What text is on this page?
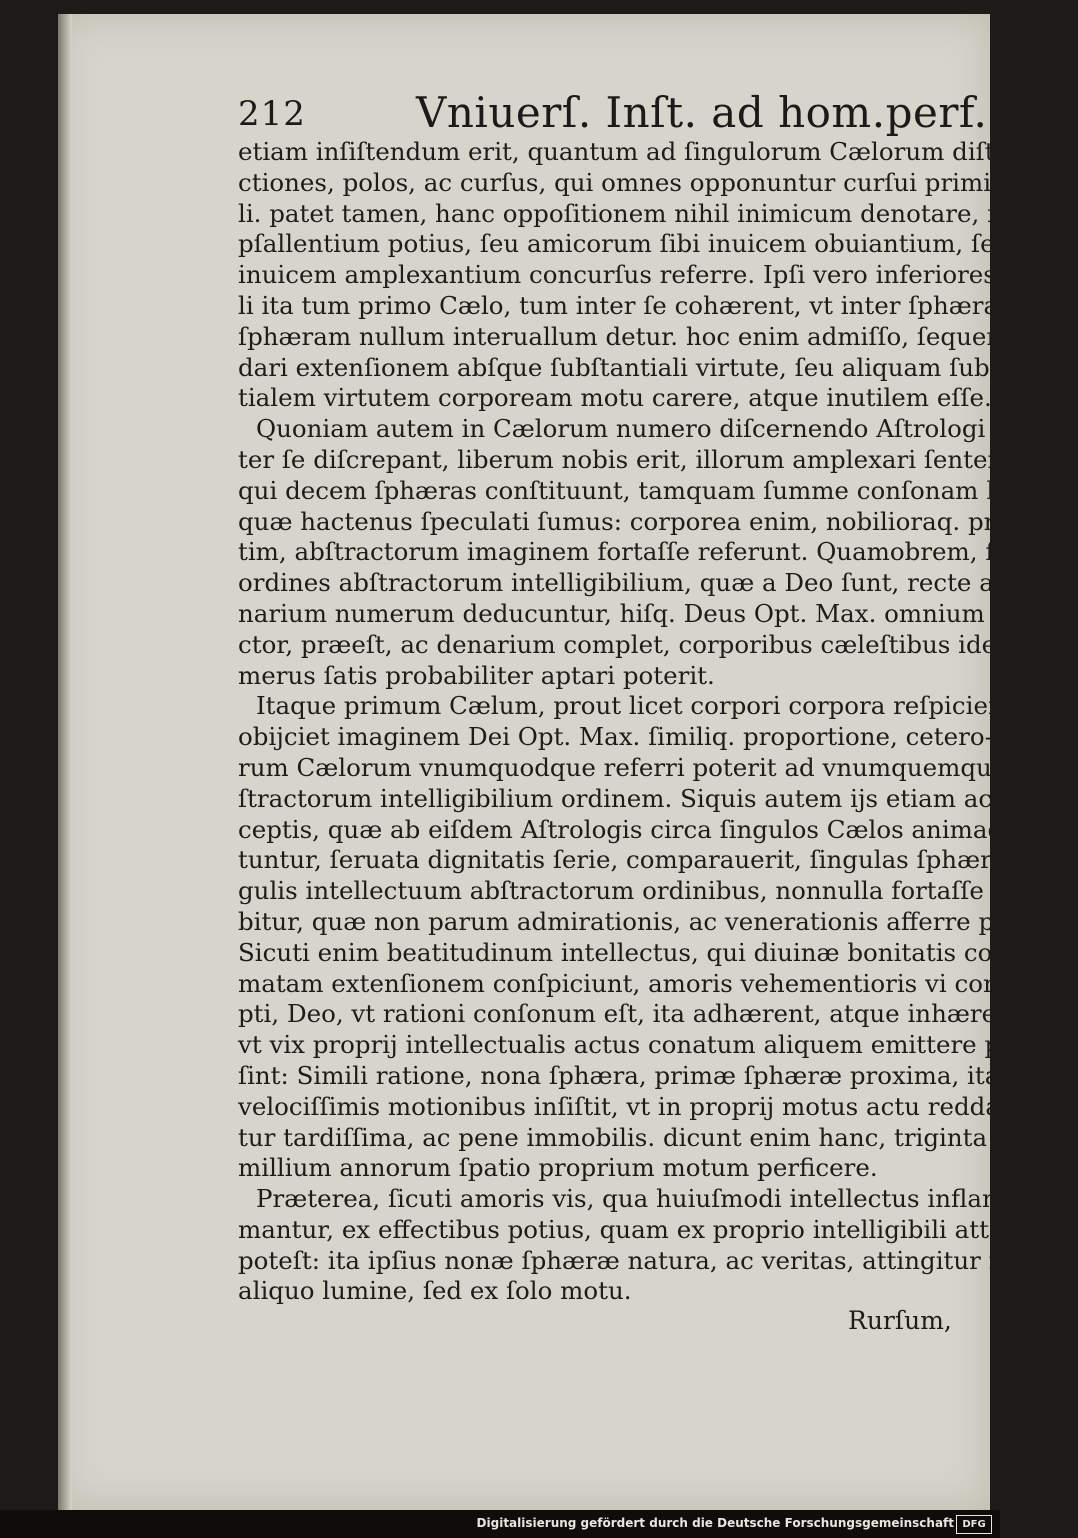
212	Vniuerſ. Inſt. ad hom.perf.
etiam inſiſtendum erit, quantum ad ſingulorum Cælorum diſtin-
ctiones, polos, ac curſus, qui omnes opponuntur curſui primi Cæ-
li. patet tamen, hanc oppoſitionem nihil inimicum denotare, ſed
pſallentium potius, ſeu amicorum ſibi inuicem obuiantium, ſeq.
inuicem amplexantium concurſus referre. Ipſi vero inferiores Cæ-
li ita tum primo Cælo, tum inter ſe cohærent, vt inter ſphæram, &
ſphæram nullum interuallum detur. hoc enim admiſſo, ſequeretur,
dari extenſionem abſque ſubſtantiali virtute, ſeu aliquam ſubſtan-
tialem virtutem corpoream motu carere, atque inutilem eſſe.
Quoniam autem in Cælorum numero diſcernendo Aſtrologi in
ter ſe diſcrepant, liberum nobis erit, illorum amplexari ſententiam,
qui decem ſphæras conſtituunt, tamquam ſumme conſonam his,
quæ hactenus ſpeculati ſumus: corporea enim, nobilioraq. præſer-
tim, abſtractorum imaginem fortaſſe referunt. Quamobrem, ſi
ordines abſtractorum intelligibilium, quæ a Deo ſunt, recte ad noue
narium numerum deducuntur, hiſq. Deus Opt. Max. omnium au-
ctor, præeſt, ac denarium complet, corporibus cæleſtibus idem nu-
merus ſatis probabiliter aptari poterit.
Itaque primum Cælum, prout licet corpori corpora reſpicienti,
obijciet imaginem Dei Opt. Max. ſimiliq. proportione, cetero-
rum Cælorum vnumquodque referri poterit ad vnumquemque ab-
ſtractorum intelligibilium ordinem. Siquis autem ijs etiam ac-
ceptis, quæ ab eiſdem Aſtrologis circa ſingulos Cælos animaduer-
tuntur, ſeruata dignitatis ſerie, comparauerit, ſingulas ſphæras ſin-
gulis intellectuum abſtractorum ordinibus, nonnulla fortaſſe intue-
bitur, quæ non parum admirationis, ac venerationis afferre poſſunt.
Sicuti enim beatitudinum intellectus, qui diuinæ bonitatis conſum
matam extenſionem conſpiciunt, amoris vehementioris vi corre-
pti, Deo, vt rationi conſonum eſt, ita adhærent, atque inhærent,
vt vix proprij intellectualis actus conatum aliquem emittere poſ-
ſint: Simili ratione, nona ſphæra, primæ ſphæræ proxima, ita illius
velociſſimis motionibus inſiſtit, vt in proprij motus actu redda-
tur tardiſſima, ac pene immobilis. dicunt enim hanc, triginta ſex
millium annorum ſpatio proprium motum perficere.
Præterea, ſicuti amoris vis, qua huiuſmodi intellectus inflam-
mantur, ex effectibus potius, quam ex proprio intelligibili attingi
poteſt: ita ipſius nonæ ſphæræ natura, ac veritas, attingitur non ex
aliquo lumine, ſed ex ſolo motu.
Rurſum,
Digitalisierung gefördert durch die Deutsche Forschungsgemeinschaft DFG
